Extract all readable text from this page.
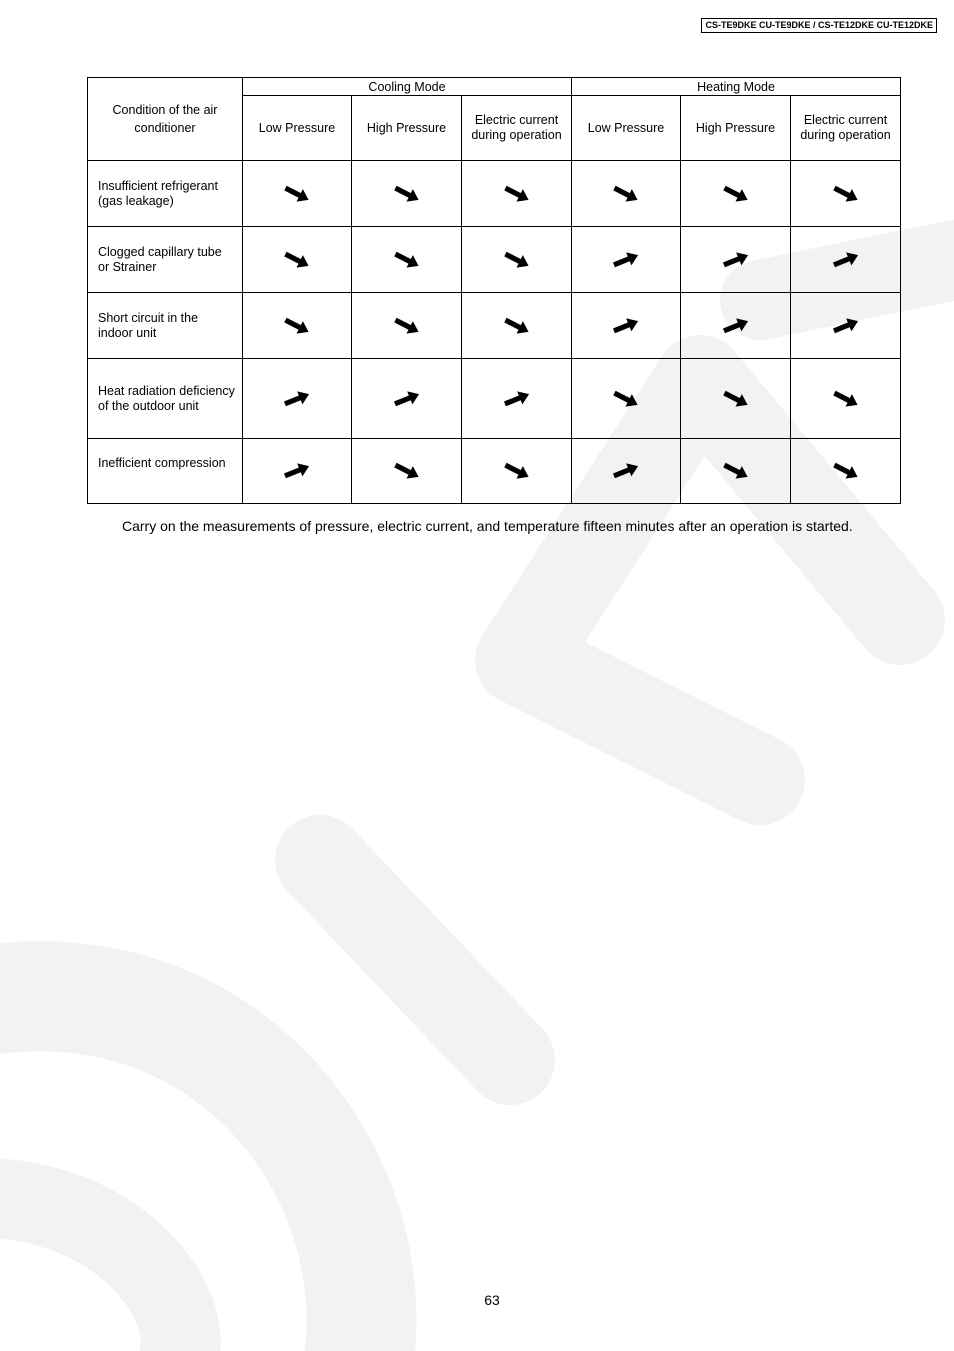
CS-TE9DKE CU-TE9DKE / CS-TE12DKE CU-TE12DKE
Condition of the air conditioner	Cooling Mode			Heating Mode		
	Low Pressure	High Pressure	Electric current during operation	Low Pressure	High Pressure	Electric current during operation
Insufficient refrigerant (gas leakage)	

Clogged capillary tube or Strainer	

Short circuit in the indoor unit	

Heat radiation deficiency of the outdoor unit	

Inefficient compression	

Carry on the measurements of pressure, electric current, and temperature fifteen minutes after an operation is started.

63
